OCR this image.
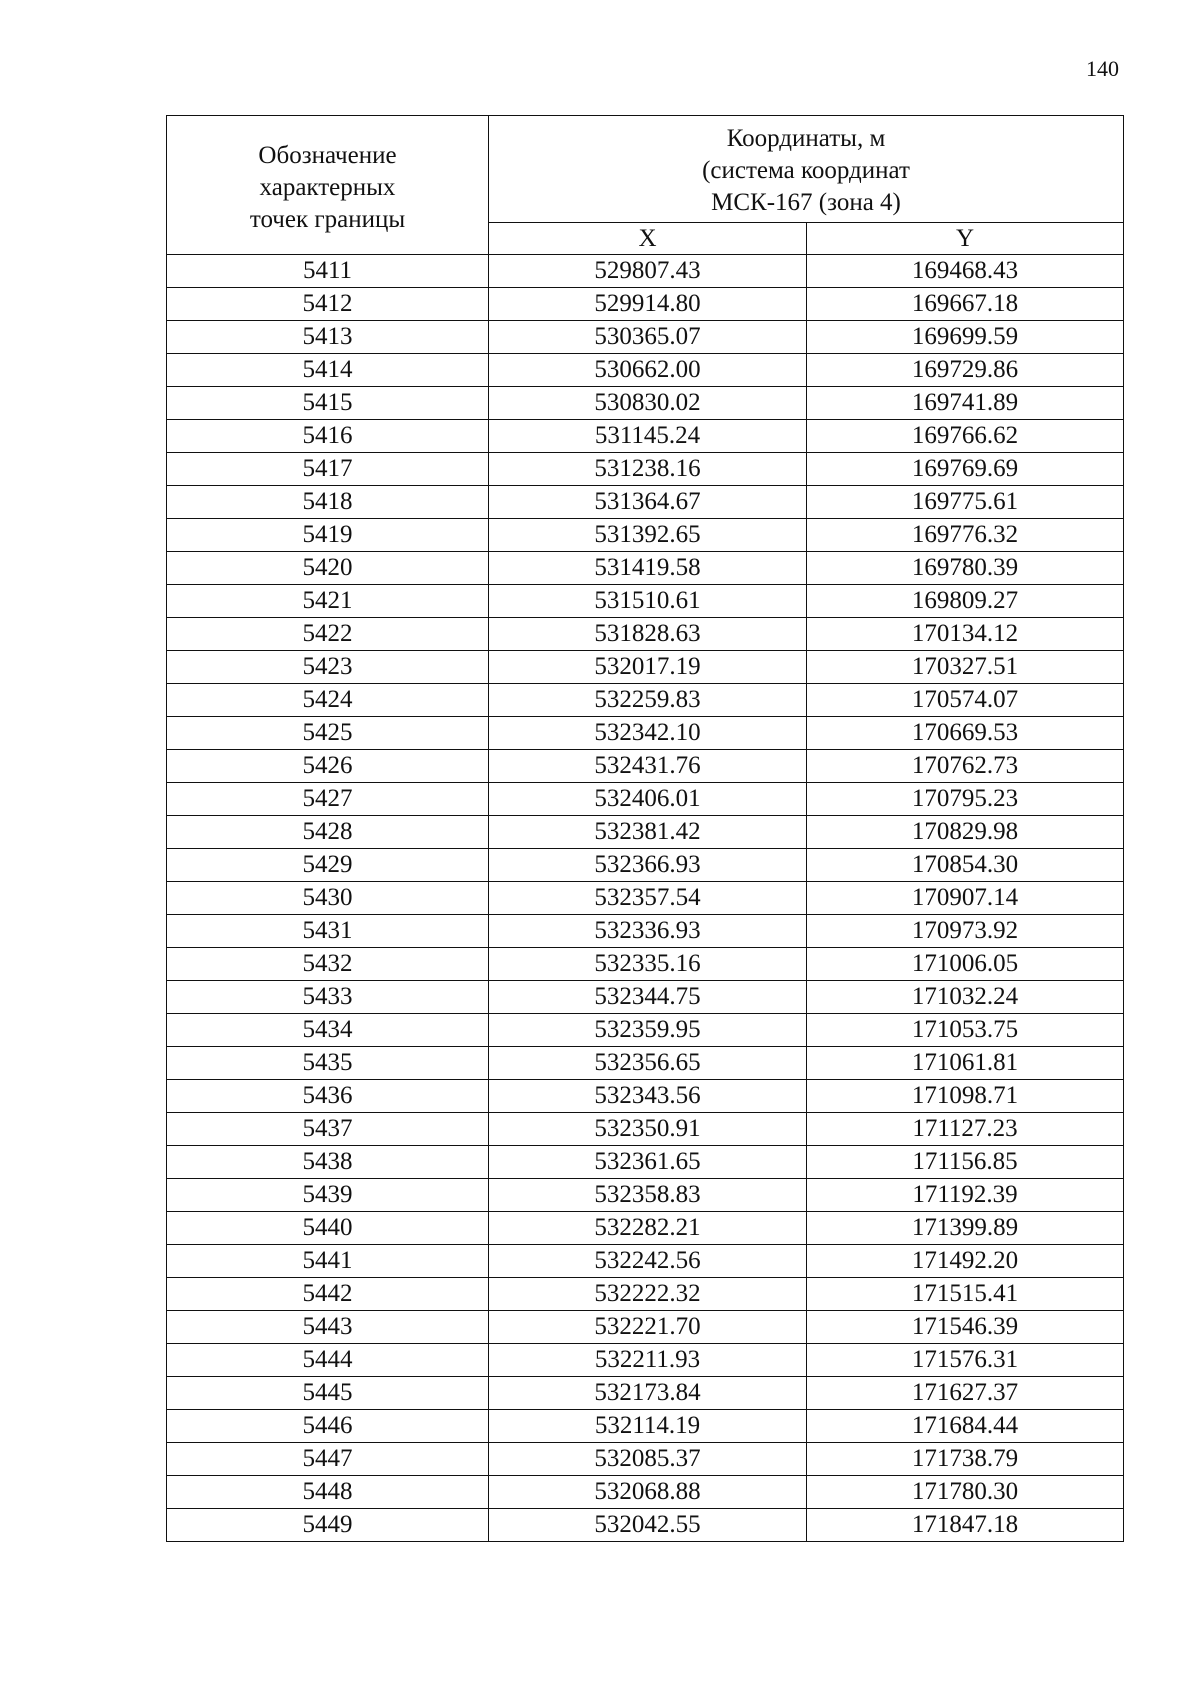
140
Обозначение
характерных
точек границы	Координаты, м
(система координат
МСК-167 (зона 4)	

	X	Y
5411	529807.43	169468.43
5412	529914.80	169667.18
5413	530365.07	169699.59
5414	530662.00	169729.86
5415	530830.02	169741.89
5416	531145.24	169766.62
5417	531238.16	169769.69
5418	531364.67	169775.61
5419	531392.65	169776.32
5420	531419.58	169780.39
5421	531510.61	169809.27
5422	531828.63	170134.12
5423	532017.19	170327.51
5424	532259.83	170574.07
5425	532342.10	170669.53
5426	532431.76	170762.73
5427	532406.01	170795.23
5428	532381.42	170829.98
5429	532366.93	170854.30
5430	532357.54	170907.14
5431	532336.93	170973.92
5432	532335.16	171006.05
5433	532344.75	171032.24
5434	532359.95	171053.75
5435	532356.65	171061.81
5436	532343.56	171098.71
5437	532350.91	171127.23
5438	532361.65	171156.85
5439	532358.83	171192.39
5440	532282.21	171399.89
5441	532242.56	171492.20
5442	532222.32	171515.41
5443	532221.70	171546.39
5444	532211.93	171576.31
5445	532173.84	171627.37
5446	532114.19	171684.44
5447	532085.37	171738.79
5448	532068.88	171780.30
5449	532042.55	171847.18
